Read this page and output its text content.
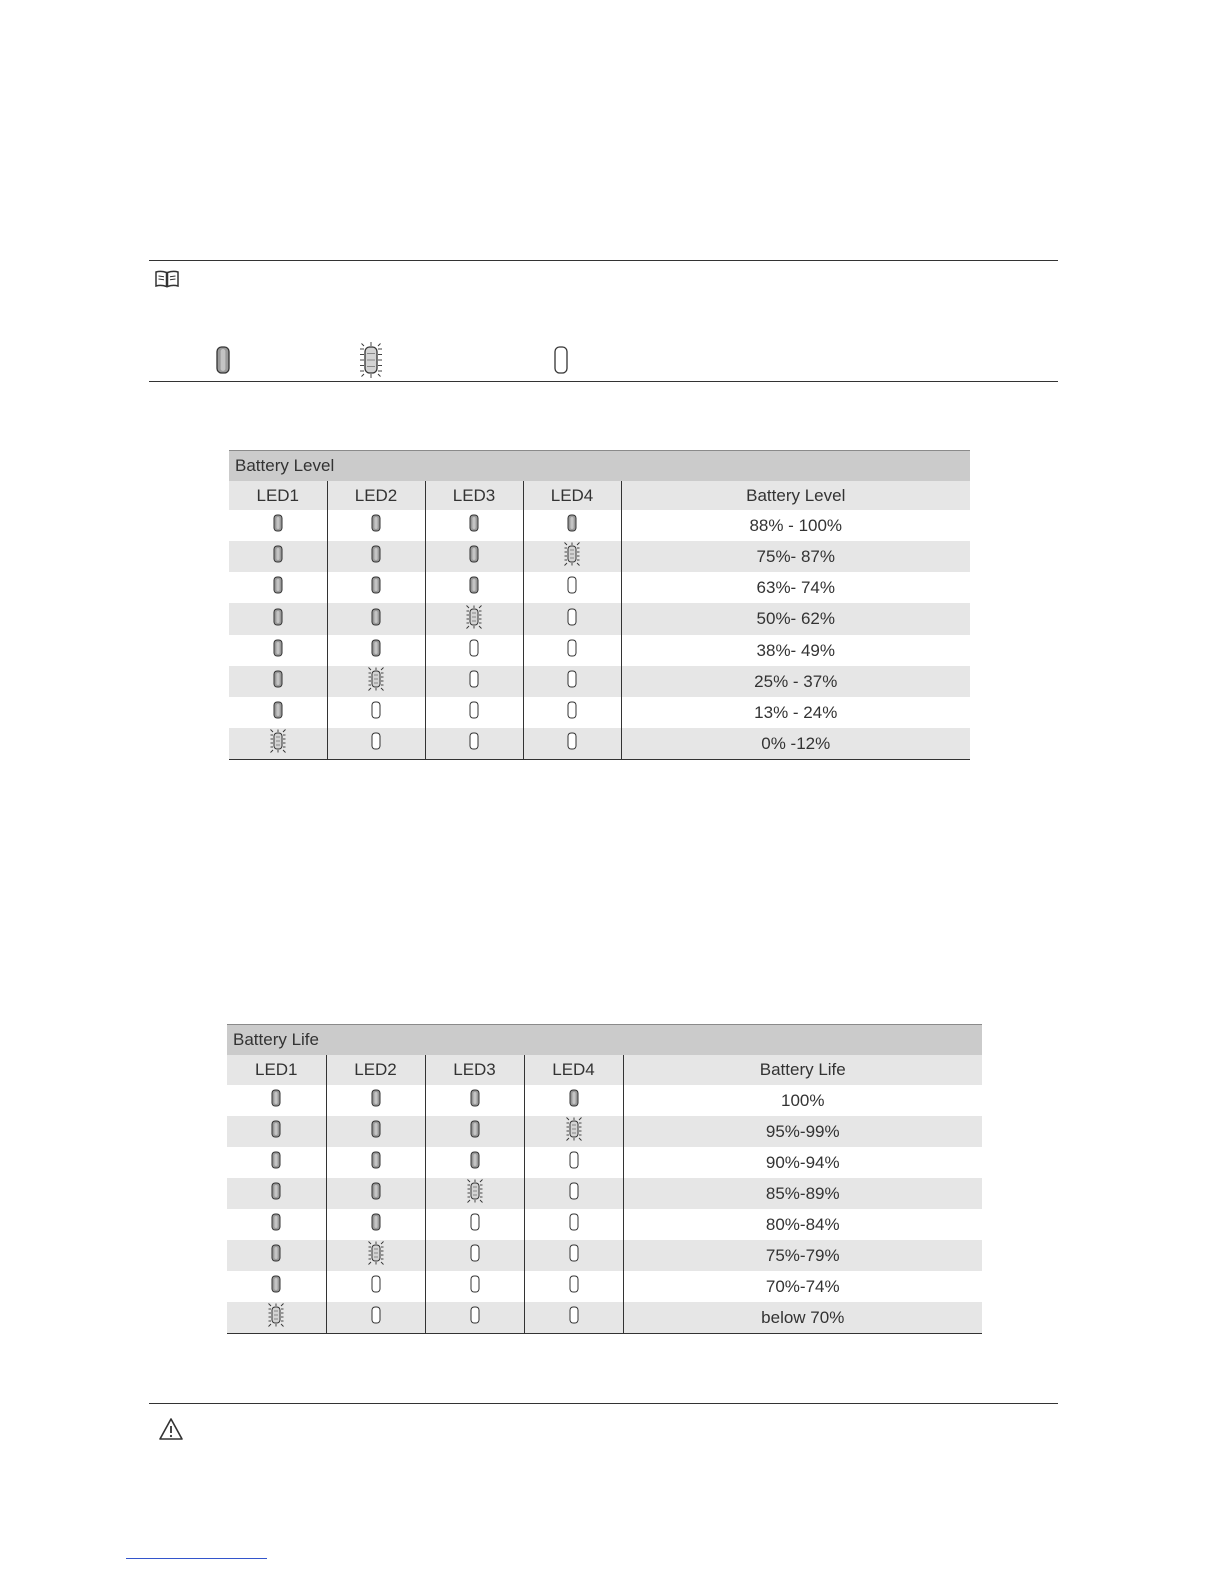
Battery Level
LED1	LED2	LED3	LED4	Battery Level
				88% - 100%
				75%- 87%
				63%- 74%
				50%- 62%
				38%- 49%
				25% - 37%
				13% - 24%
				0% -12%
Battery Life
LED1	LED2	LED3	LED4	Battery Life
				100%
				95%-99%
				90%-94%
				85%-89%
				80%-84%
				75%-79%
				70%-74%
				below 70%
